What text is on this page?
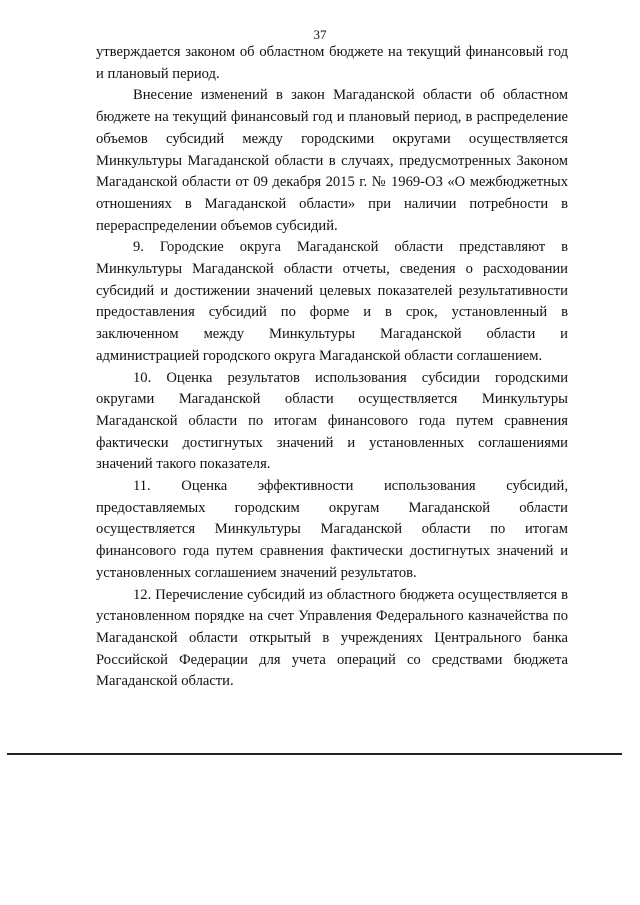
37

утверждается законом об областном бюджете на текущий финансовый год и плановый период.

Внесение изменений в закон Магаданской области об областном бюджете на текущий финансовый год и плановый период, в распределение объемов субсидий между городскими округами осуществляется Минкультуры Магаданской области в случаях, предусмотренных Законом Магаданской области от 09 декабря 2015 г. № 1969-ОЗ «О межбюджетных отношениях в Магаданской области» при наличии потребности в перераспределении объемов субсидий.

9. Городские округа Магаданской области представляют в Минкультуры Магаданской области отчеты, сведения о расходовании субсидий и достижении значений целевых показателей результативности предоставления субсидий по форме и в срок, установленный в заключенном между Минкультуры Магаданской области и администрацией городского округа Магаданской области соглашением.

10. Оценка результатов использования субсидии городскими округами Магаданской области осуществляется Минкультуры Магаданской области по итогам финансового года путем сравнения фактически достигнутых значений и установленных соглашениями значений такого показателя.

11. Оценка эффективности использования субсидий, предоставляемых городским округам Магаданской области осуществляется Минкультуры Магаданской области по итогам финансового года путем сравнения фактически достигнутых значений и установленных соглашением значений результатов.

12. Перечисление субсидий из областного бюджета осуществляется в установленном порядке на счет Управления Федерального казначейства по Магаданской области открытый в учреждениях Центрального банка Российской Федерации для учета операций со средствами бюджета Магаданской области.
